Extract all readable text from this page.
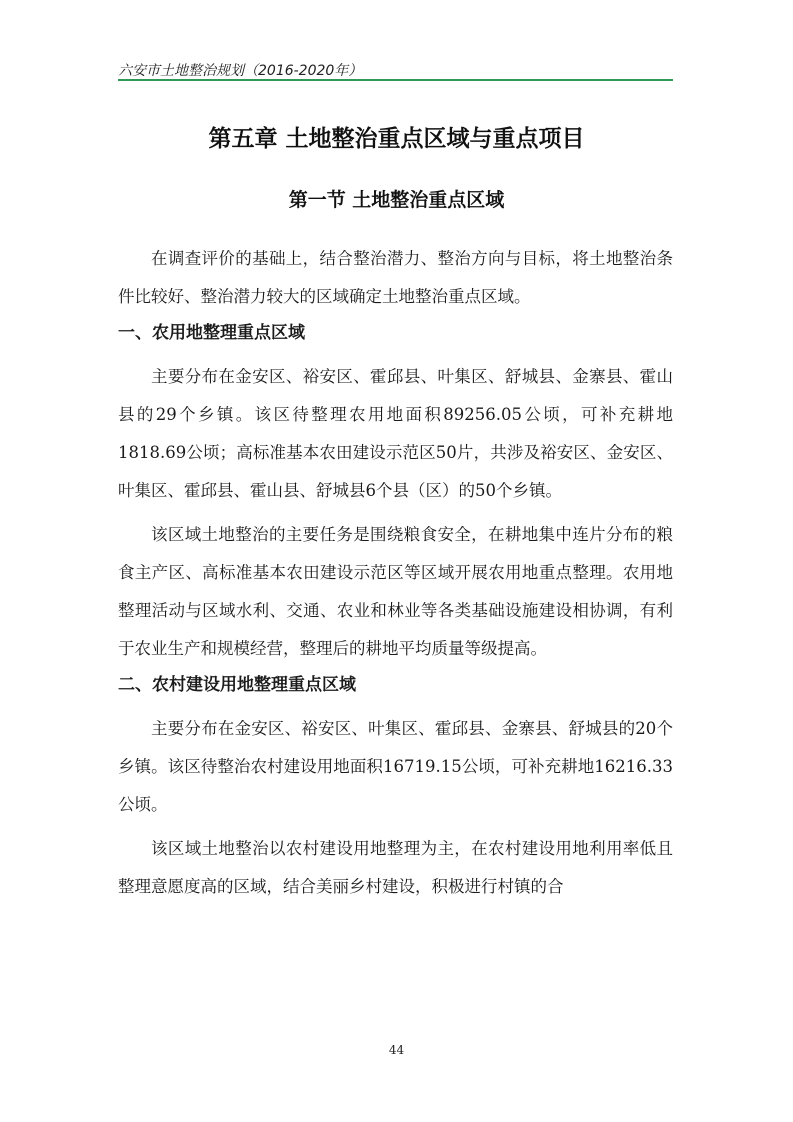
六安市土地整治规划（2016-2020年）
第五章 土地整治重点区域与重点项目
第一节 土地整治重点区域

在调查评价的基础上，结合整治潜力、整治方向与目标，将土地整治条件比较好、整治潜力较大的区域确定土地整治重点区域。

一、农用地整理重点区域

主要分布在金安区、裕安区、霍邱县、叶集区、舒城县、金寨县、霍山县的29个乡镇。该区待整理农用地面积89256.05公顷，可补充耕地1818.69公顷；高标准基本农田建设示范区50片，共涉及裕安区、金安区、叶集区、霍邱县、霍山县、舒城县6个县（区）的50个乡镇。

该区域土地整治的主要任务是围绕粮食安全，在耕地集中连片分布的粮食主产区、高标准基本农田建设示范区等区域开展农用地重点整理。农用地整理活动与区域水利、交通、农业和林业等各类基础设施建设相协调，有利于农业生产和规模经营，整理后的耕地平均质量等级提高。

二、农村建设用地整理重点区域

主要分布在金安区、裕安区、叶集区、霍邱县、金寨县、舒城县的20个乡镇。该区待整治农村建设用地面积16719.15公顷，可补充耕地16216.33公顷。

该区域土地整治以农村建设用地整理为主，在农村建设用地利用率低且整理意愿度高的区域，结合美丽乡村建设，积极进行村镇的合

44
